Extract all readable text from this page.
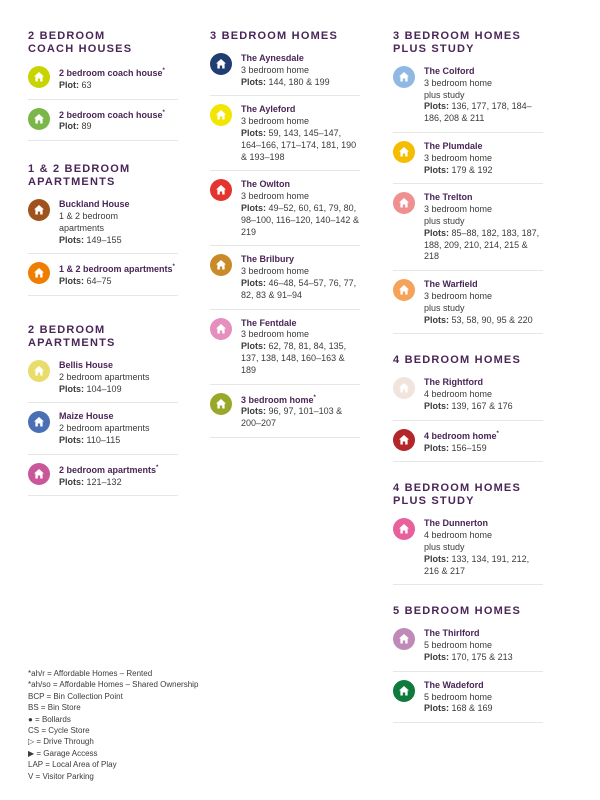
2 BEDROOM
COACH HOUSES
2 bedroom coach house*
Plot: 63
2 bedroom coach house*
Plot: 89
1 & 2 BEDROOM
APARTMENTS
Buckland House
1 & 2 bedroom
apartments
Plots: 149–155
1 & 2 bedroom apartments*
Plots: 64–75
2 BEDROOM
APARTMENTS
Bellis House
2 bedroom apartments
Plots: 104–109
Maize House
2 bedroom apartments
Plots: 110–115
2 bedroom apartments*
Plots: 121–132
3 BEDROOM HOMES
The Aynesdale
3 bedroom home
Plots: 144, 180 & 199
The Ayleford
3 bedroom home
Plots: 59, 143, 145–147, 164–166, 171–174, 181, 190 & 193–198
The Owlton
3 bedroom home
Plots: 49–52, 60, 61, 79, 80, 98–100, 116–120, 140–142 & 219
The Brilbury
3 bedroom home
Plots: 46–48, 54–57, 76, 77, 82, 83 & 91–94
The Fentdale
3 bedroom home
Plots: 62, 78, 81, 84, 135, 137, 138, 148, 160–163 & 189
3 bedroom home*
Plots: 96, 97, 101–103 & 200–207
3 BEDROOM HOMES
PLUS STUDY
The Colford
3 bedroom home
plus study
Plots: 136, 177, 178, 184–186, 208 & 211
The Plumdale
3 bedroom home
Plots: 179 & 192
The Trelton
3 bedroom home
plus study
Plots: 85–88, 182, 183, 187, 188, 209, 210, 214, 215 & 218
The Warfield
3 bedroom home
plus study
Plots: 53, 58, 90, 95 & 220
4 BEDROOM HOMES
The Rightford
4 bedroom home
Plots: 139, 167 & 176
4 bedroom home*
Plots: 156–159
4 BEDROOM HOMES
PLUS STUDY
The Dunnerton
4 bedroom home
plus study
Plots: 133, 134, 191, 212, 216 & 217
5 BEDROOM HOMES
The Thirlford
5 bedroom home
Plots: 170, 175 & 213
The Wadeford
5 bedroom home
Plots: 168 & 169
*ah/r = Affordable Homes – Rented
*ah/so = Affordable Homes – Shared Ownership
BCP = Bin Collection Point
BS = Bin Store
● = Bollards
CS = Cycle Store
▷ = Drive Through
▶ = Garage Access
LAP = Local Area of Play
V = Visitor Parking
